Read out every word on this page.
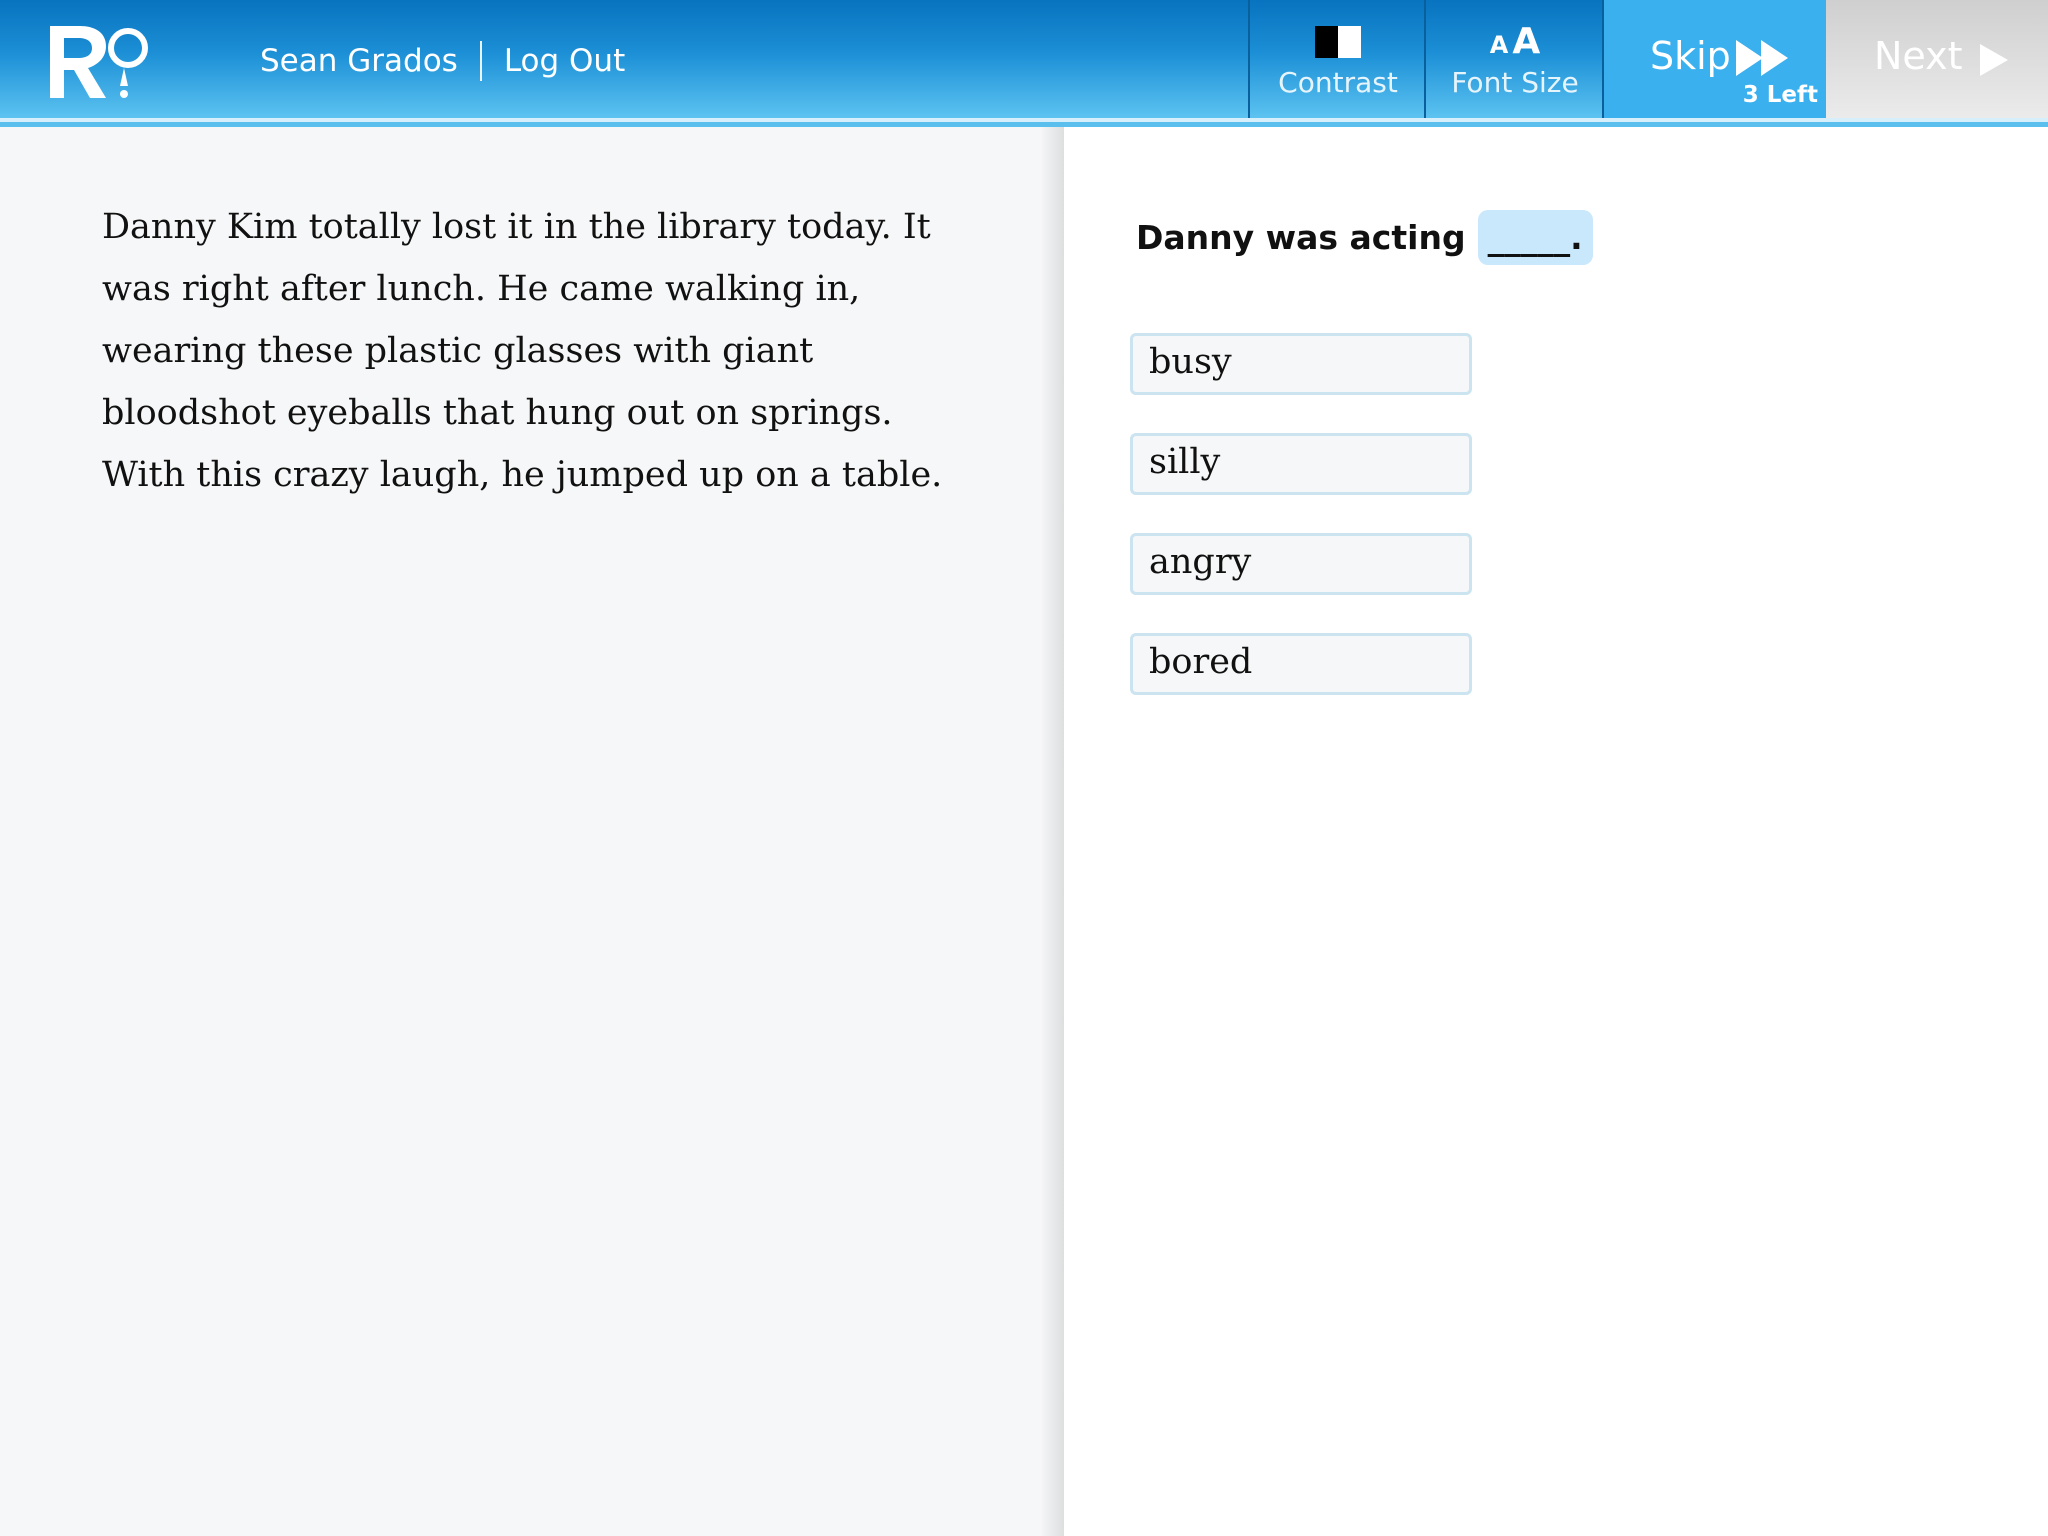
Sean Grados Log Out
Contrast
A A
Font Size
Skip
3 Left
Next

Danny Kim totally lost it in the library today. It was right after lunch. He came walking in, wearing these plastic glasses with giant bloodshot eyeballs that hung out on springs. With this crazy laugh, he jumped up on a table.

Danny was acting _____.
busy
silly
angry
bored
